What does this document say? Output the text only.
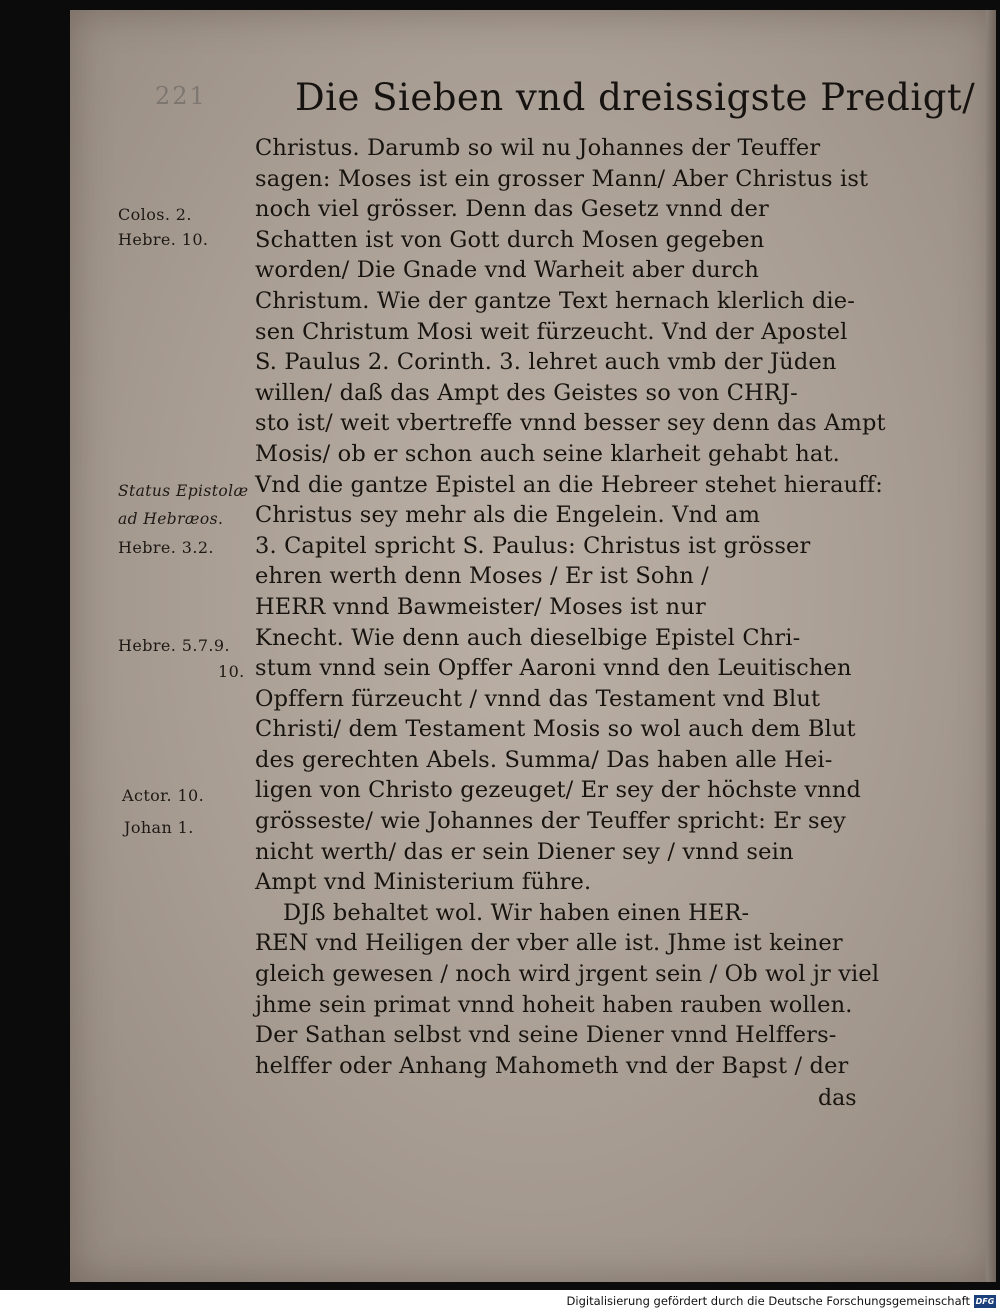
221 Die Sieben vnd dreissigste Predigt/
Colos. 2.
Hebre. 10.
Status Epistolæ
ad Hebræos.
Hebre. 3.2.
Hebre. 5.7.9.
10.
Actor. 10.
Johan 1.
Christus. Darumb so wil nu Johannes der Teuffer
sagen: Moses ist ein grosser Mann/ Aber Christus ist
noch viel grösser. Denn das Gesetz vnnd der
Schatten ist von Gott durch Mosen gegeben
worden/ Die Gnade vnd Warheit aber durch
Christum. Wie der gantze Text hernach klerlich die-
sen Christum Mosi weit fürzeucht. Vnd der Apostel
S. Paulus 2. Corinth. 3. lehret auch vmb der Jüden
willen/ daß das Ampt des Geistes so von CHRJ-
sto ist/ weit vbertreffe vnnd besser sey denn das Ampt
Mosis/ ob er schon auch seine klarheit gehabt hat.
Vnd die gantze Epistel an die Hebreer stehet hierauff:
Christus sey mehr als die Engelein. Vnd am
3. Capitel spricht S. Paulus: Christus ist grösser
ehren werth denn Moses / Er ist Sohn /
HERR vnnd Bawmeister/ Moses ist nur
Knecht. Wie denn auch dieselbige Epistel Chri-
stum vnnd sein Opffer Aaroni vnnd den Leuitischen
Opffern fürzeucht / vnnd das Testament vnd Blut
Christi/ dem Testament Mosis so wol auch dem Blut
des gerechten Abels. Summa/ Das haben alle Hei-
ligen von Christo gezeuget/ Er sey der höchste vnnd
grösseste/ wie Johannes der Teuffer spricht: Er sey
nicht werth/ das er sein Diener sey / vnnd sein
Ampt vnd Ministerium führe.
DJß behaltet wol. Wir haben einen HER-
REN vnd Heiligen der vber alle ist. Jhme ist keiner
gleich gewesen / noch wird jrgent sein / Ob wol jr viel
jhme sein primat vnnd hoheit haben rauben wollen.
Der Sathan selbst vnd seine Diener vnnd Helffers-
helffer oder Anhang Mahometh vnd der Bapst / der
das
Digitalisierung gefördert durch die Deutsche Forschungsgemeinschaft DFG
